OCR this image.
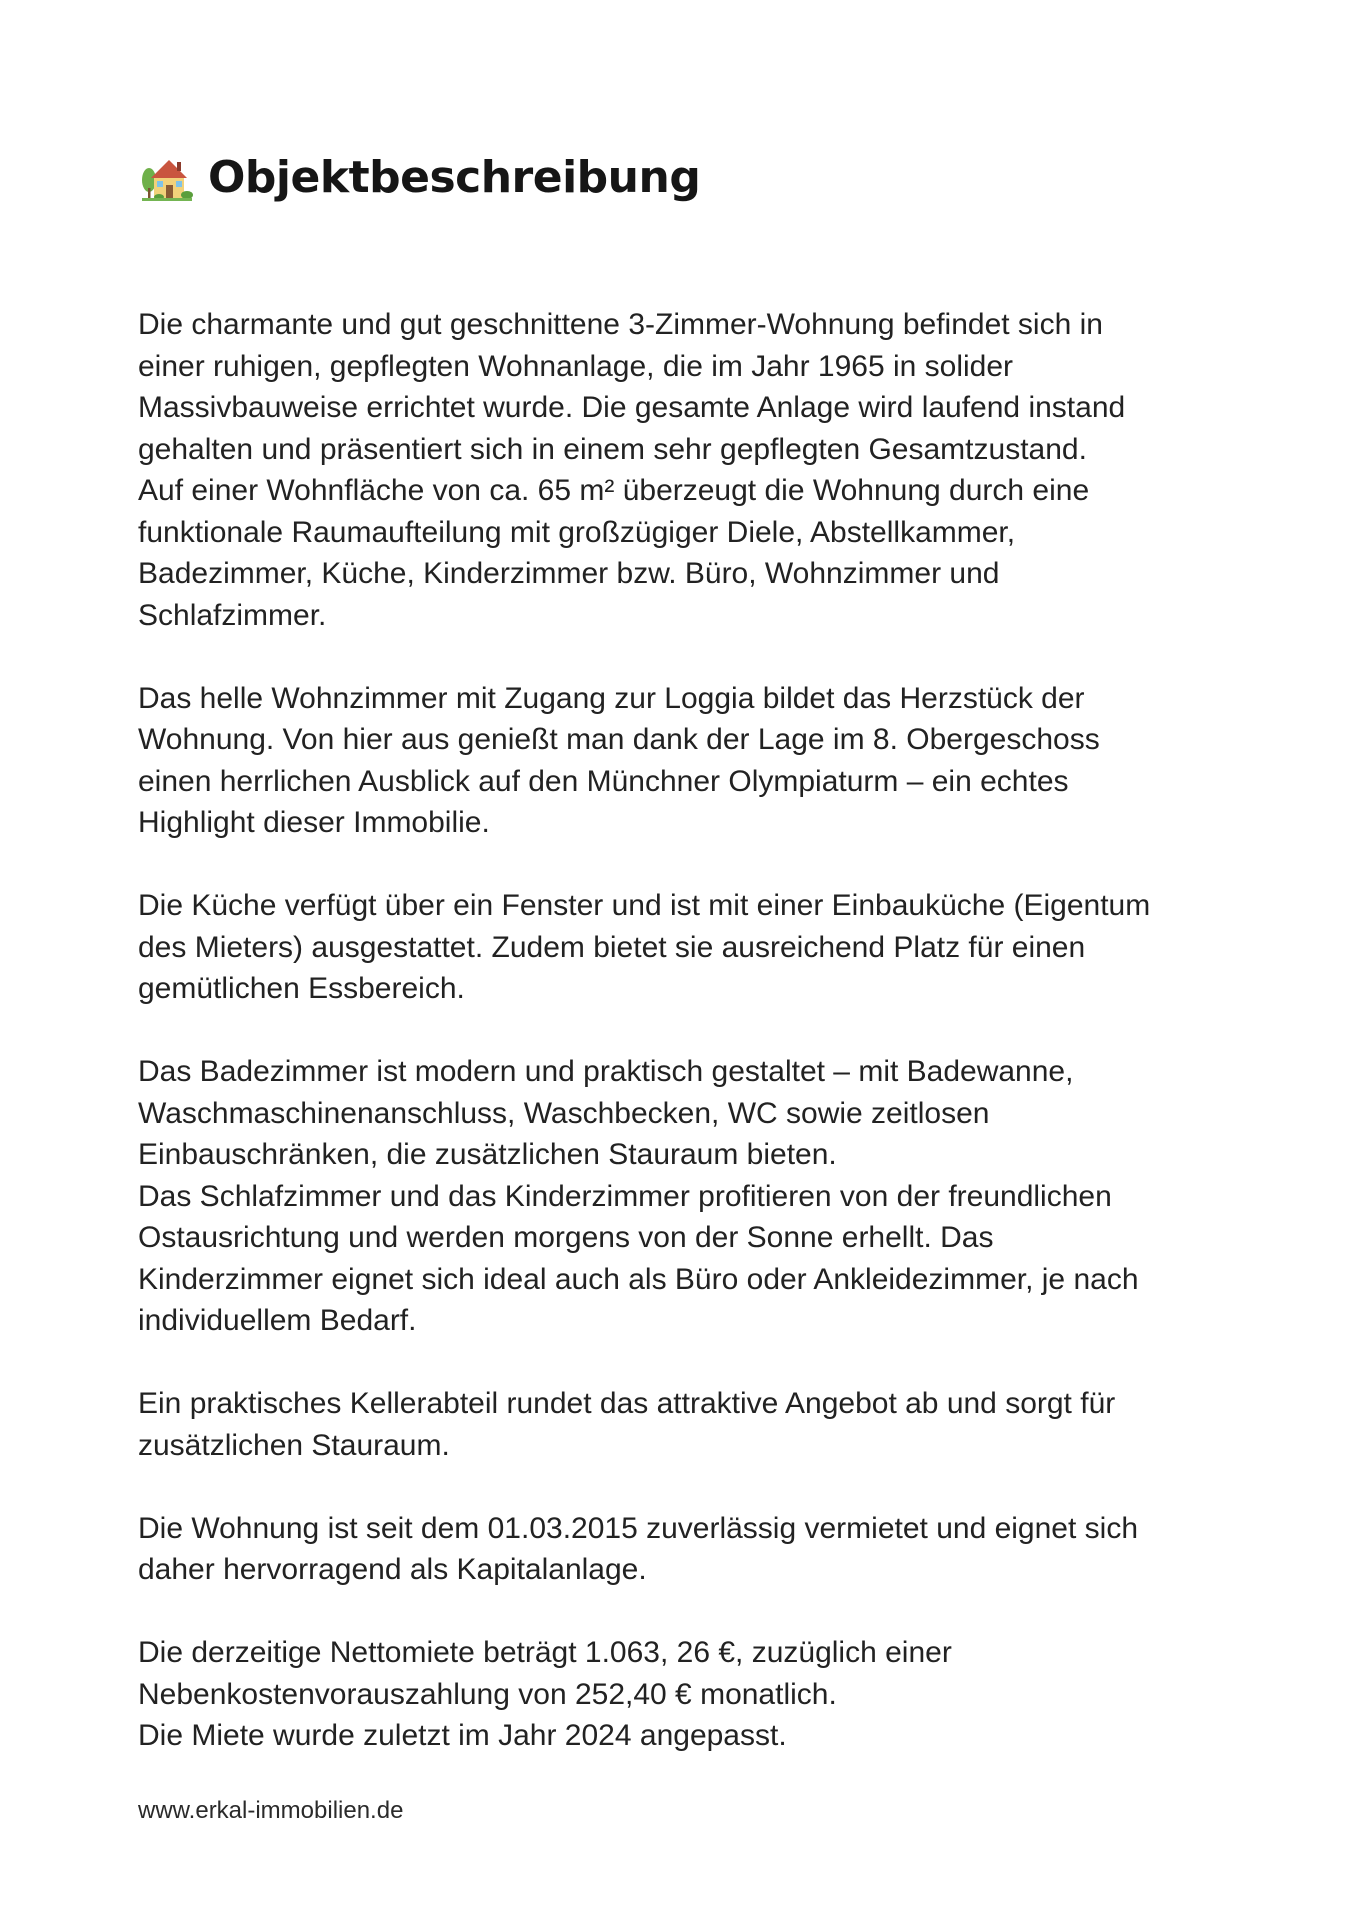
Objektbeschreibung

Die charmante und gut geschnittene 3-Zimmer-Wohnung befindet sich in
einer ruhigen, gepflegten Wohnanlage, die im Jahr 1965 in solider
Massivbauweise errichtet wurde. Die gesamte Anlage wird laufend instand
gehalten und präsentiert sich in einem sehr gepflegten Gesamtzustand.
Auf einer Wohnfläche von ca. 65 m² überzeugt die Wohnung durch eine
funktionale Raumaufteilung mit großzügiger Diele, Abstellkammer,
Badezimmer, Küche, Kinderzimmer bzw. Büro, Wohnzimmer und
Schlafzimmer.

Das helle Wohnzimmer mit Zugang zur Loggia bildet das Herzstück der
Wohnung. Von hier aus genießt man dank der Lage im 8. Obergeschoss
einen herrlichen Ausblick auf den Münchner Olympiaturm – ein echtes
Highlight dieser Immobilie.

Die Küche verfügt über ein Fenster und ist mit einer Einbauküche (Eigentum
des Mieters) ausgestattet. Zudem bietet sie ausreichend Platz für einen
gemütlichen Essbereich.

Das Badezimmer ist modern und praktisch gestaltet – mit Badewanne,
Waschmaschinenanschluss, Waschbecken, WC sowie zeitlosen
Einbauschränken, die zusätzlichen Stauraum bieten.
Das Schlafzimmer und das Kinderzimmer profitieren von der freundlichen
Ostausrichtung und werden morgens von der Sonne erhellt. Das
Kinderzimmer eignet sich ideal auch als Büro oder Ankleidezimmer, je nach
individuellem Bedarf.

Ein praktisches Kellerabteil rundet das attraktive Angebot ab und sorgt für
zusätzlichen Stauraum.

Die Wohnung ist seit dem 01.03.2015 zuverlässig vermietet und eignet sich
daher hervorragend als Kapitalanlage.

Die derzeitige Nettomiete beträgt 1.063, 26 €, zuzüglich einer
Nebenkostenvorauszahlung von 252,40 € monatlich.
Die Miete wurde zuletzt im Jahr 2024 angepasst.

www.erkal-immobilien.de
